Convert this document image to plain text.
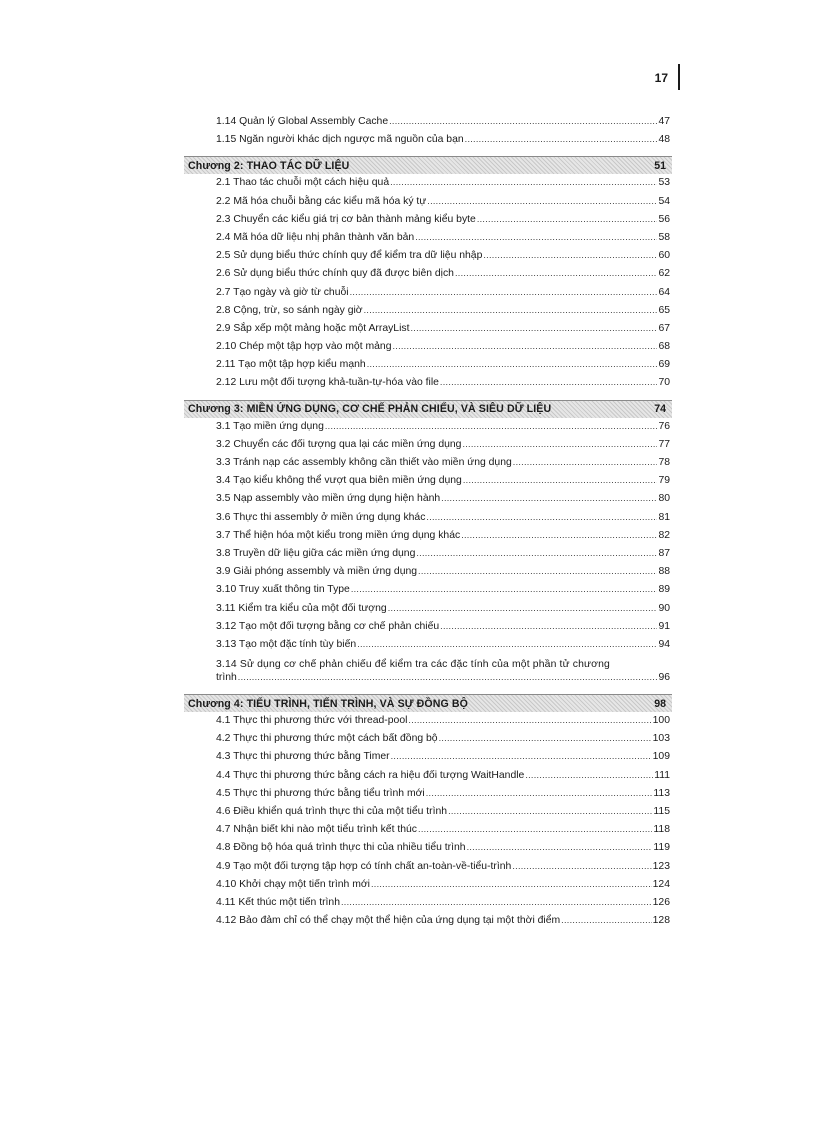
17
1.14 Quản lý Global Assembly Cache .....	47
1.15 Ngăn người khác dịch ngược mã nguồn của bạn .....	48
Chương 2: THAO TÁC DỮ LIỆU	51
2.1 Thao tác chuỗi một cách hiệu quả .....	53
2.2 Mã hóa chuỗi bằng các kiểu mã hóa ký tự .....	54
2.3 Chuyển các kiểu giá trị cơ bản thành mảng kiểu byte .....	56
2.4 Mã hóa dữ liệu nhị phân thành văn bản .....	58
2.5 Sử dụng biểu thức chính quy để kiểm tra dữ liệu nhập .....	60
2.6 Sử dụng biểu thức chính quy đã được biên dịch .....	62
2.7 Tạo ngày và giờ từ chuỗi .....	64
2.8 Cộng, trừ, so sánh ngày giờ .....	65
2.9 Sắp xếp một mảng hoặc một ArrayList .....	67
2.10 Chép một tập hợp vào một mảng .....	68
2.11 Tạo một tập hợp kiểu mạnh .....	69
2.12 Lưu một đối tượng khả-tuần-tự-hóa vào file .....	70
Chương 3: MIỀN ỨNG DỤNG, CƠ CHẾ PHẢN CHIẾU, VÀ SIÊU DỮ LIỆU	74
3.1 Tạo miền ứng dụng .....	76
3.2 Chuyển các đối tượng qua lại các miền ứng dụng .....	77
3.3 Tránh nạp các assembly không cần thiết vào miền ứng dụng .....	78
3.4 Tạo kiểu không thể vượt qua biên miền ứng dụng .....	79
3.5 Nạp assembly vào miền ứng dụng hiện hành .....	80
3.6 Thực thi assembly ở miền ứng dụng khác .....	81
3.7 Thể hiện hóa một kiểu trong miền ứng dụng khác .....	82
3.8 Truyền dữ liệu giữa các miền ứng dụng .....	87
3.9 Giải phóng assembly và miền ứng dụng .....	88
3.10 Truy xuất thông tin Type .....	89
3.11 Kiểm tra kiểu của một đối tượng .....	90
3.12 Tạo một đối tượng bằng cơ chế phản chiếu .....	91
3.13 Tạo một đặc tính tùy biến .....	94
3.14 Sử dụng cơ chế phản chiếu để kiểm tra các đặc tính của một phần tử chương
trình .....	96
Chương 4: TIỂU TRÌNH, TIẾN TRÌNH, VÀ SỰ ĐỒNG BỘ	98
4.1 Thực thi phương thức với thread-pool .....	100
4.2 Thực thi phương thức một cách bất đồng bộ .....	103
4.3 Thực thi phương thức bằng Timer .....	109
4.4 Thực thi phương thức bằng cách ra hiệu đối tượng WaitHandle .....	111
4.5 Thực thi phương thức bằng tiểu trình mới .....	113
4.6 Điều khiển quá trình thực thi của một tiểu trình .....	115
4.7 Nhận biết khi nào một tiểu trình kết thúc .....	118
4.8 Đồng bộ hóa quá trình thực thi của nhiều tiểu trình .....	119
4.9 Tạo một đối tượng tập hợp có tính chất an-toàn-về-tiểu-trình .....	123
4.10 Khởi chạy một tiến trình mới .....	124
4.11 Kết thúc một tiến trình .....	126
4.12 Bảo đảm chỉ có thể chạy một thể hiện của ứng dụng tại một thời điểm .....	128
